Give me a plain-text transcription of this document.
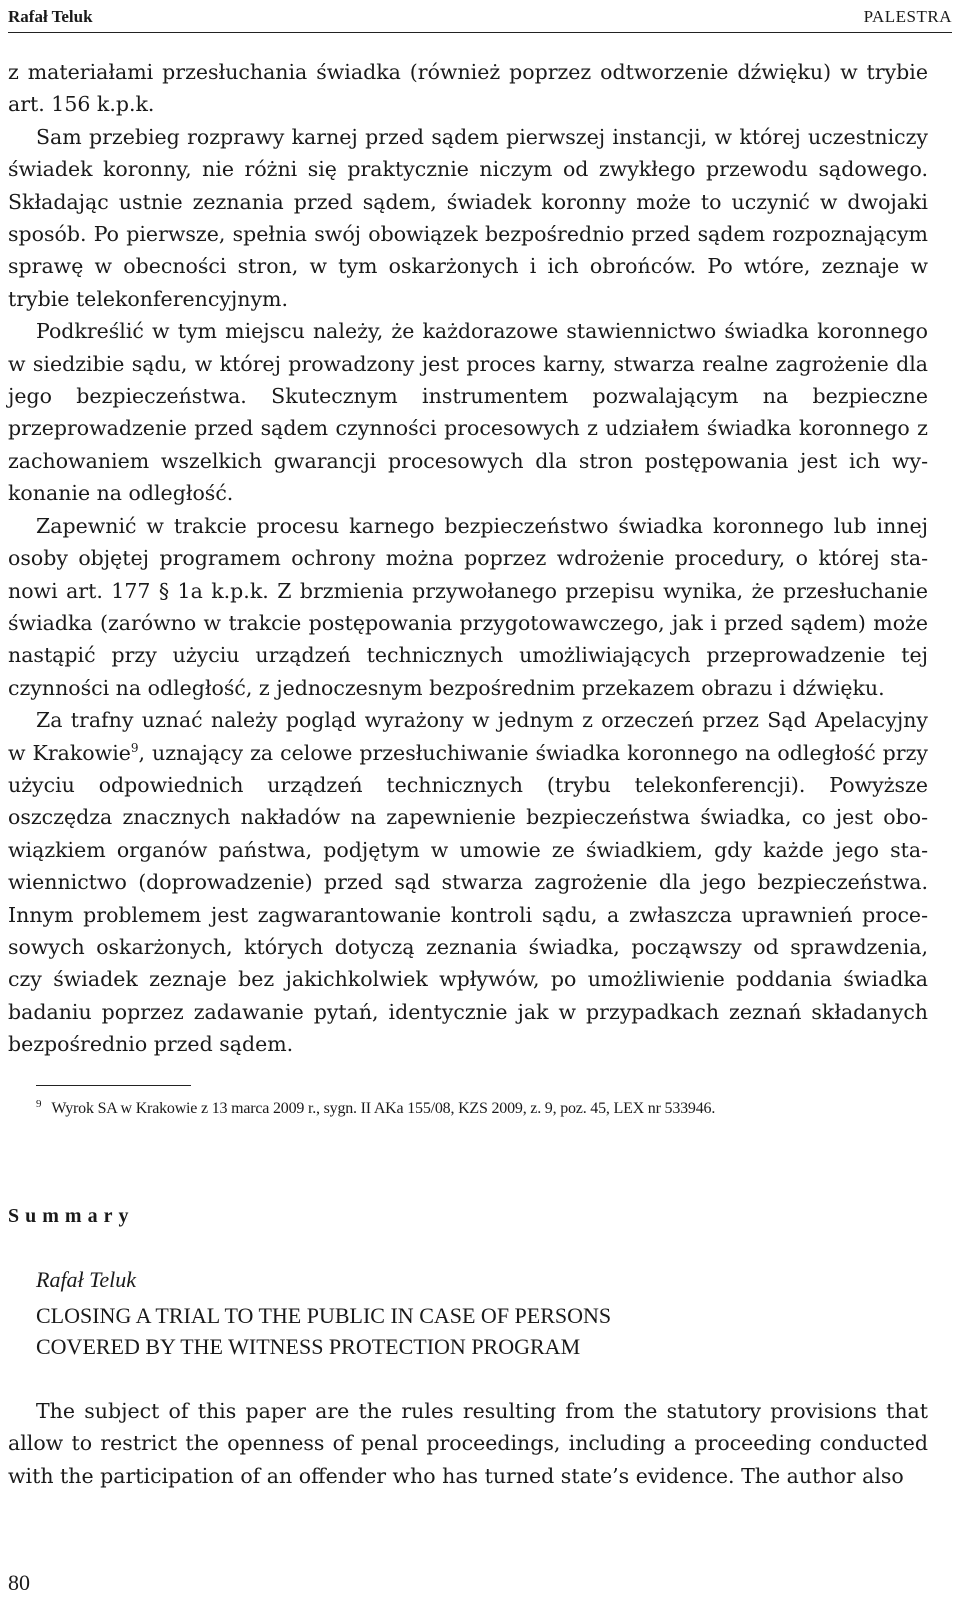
Rafał Teluk	PALESTRA

z materiałami przesłuchania świadka (również poprzez odtworzenie dźwięku) w trybie art. 156 k.p.k.

Sam przebieg rozprawy karnej przed sądem pierwszej instancji, w której uczestniczy świadek koronny, nie różni się praktycznie niczym od zwykłego przewodu sądowego. Składając ustnie zeznania przed sądem, świadek koronny może to uczynić w dwojaki sposób. Po pierwsze, spełnia swój obowiązek bezpośrednio przed sądem rozpoznającym sprawę w obecności stron, w tym oskarżonych i ich obrońców. Po wtóre, zeznaje w trybie telekonferencyjnym.

Podkreślić w tym miejscu należy, że każdorazowe stawiennictwo świadka koronnego w siedzibie sądu, w której prowadzony jest proces karny, stwarza realne zagrożenie dla jego bezpieczeństwa. Skutecznym instrumentem pozwalającym na bezpieczne przeprowadzenie przed sądem czynności procesowych z udziałem świadka koronnego z zachowaniem wszelkich gwarancji procesowych dla stron postępowania jest ich wykonanie na odległość.

Zapewnić w trakcie procesu karnego bezpieczeństwo świadka koronnego lub innej osoby objętej programem ochrony można poprzez wdrożenie procedury, o której stanowi art. 177 § 1a k.p.k. Z brzmienia przywołanego przepisu wynika, że przesłuchanie świadka (zarówno w trakcie postępowania przygotowawczego, jak i przed sądem) może nastąpić przy użyciu urządzeń technicznych umożliwiających przeprowadzenie tej czynności na odległość, z jednoczesnym bezpośrednim przekazem obrazu i dźwięku.

Za trafny uznać należy pogląd wyrażony w jednym z orzeczeń przez Sąd Apelacyjny w Krakowie$^9$, uznający za celowe przesłuchiwanie świadka koronnego na odległość przy użyciu odpowiednich urządzeń technicznych (trybu telekonferencji). Powyższe oszczędza znacznych nakładów na zapewnienie bezpieczeństwa świadka, co jest obowiązkiem organów państwa, podjętym w umowie ze świadkiem, gdy każde jego stawiennictwo (doprowadzenie) przed sąd stwarza zagrożenie dla jego bezpieczeństwa. Innym problemem jest zagwarantowanie kontroli sądu, a zwłaszcza uprawnień procesowych oskarżonych, których dotyczą zeznania świadka, począwszy od sprawdzenia, czy świadek zeznaje bez jakichkolwiek wpływów, po umożliwienie poddania świadka badaniu poprzez zadawanie pytań, identycznie jak w przypadkach zeznań składanych bezpośrednio przed sądem.

$^9$ Wyrok SA w Krakowie z 13 marca 2009 r., sygn. II AKa 155/08, KZS 2009, z. 9, poz. 45, LEX nr 533946.
Summary
Rafał Teluk
CLOSING A TRIAL TO THE PUBLIC IN CASE OF PERSONS
COVERED BY THE WITNESS PROTECTION PROGRAM

The subject of this paper are the rules resulting from the statutory provisions that allow to restrict the openness of penal proceedings, including a proceeding conducted with the participation of an offender who has turned state’s evidence. The author also

80
